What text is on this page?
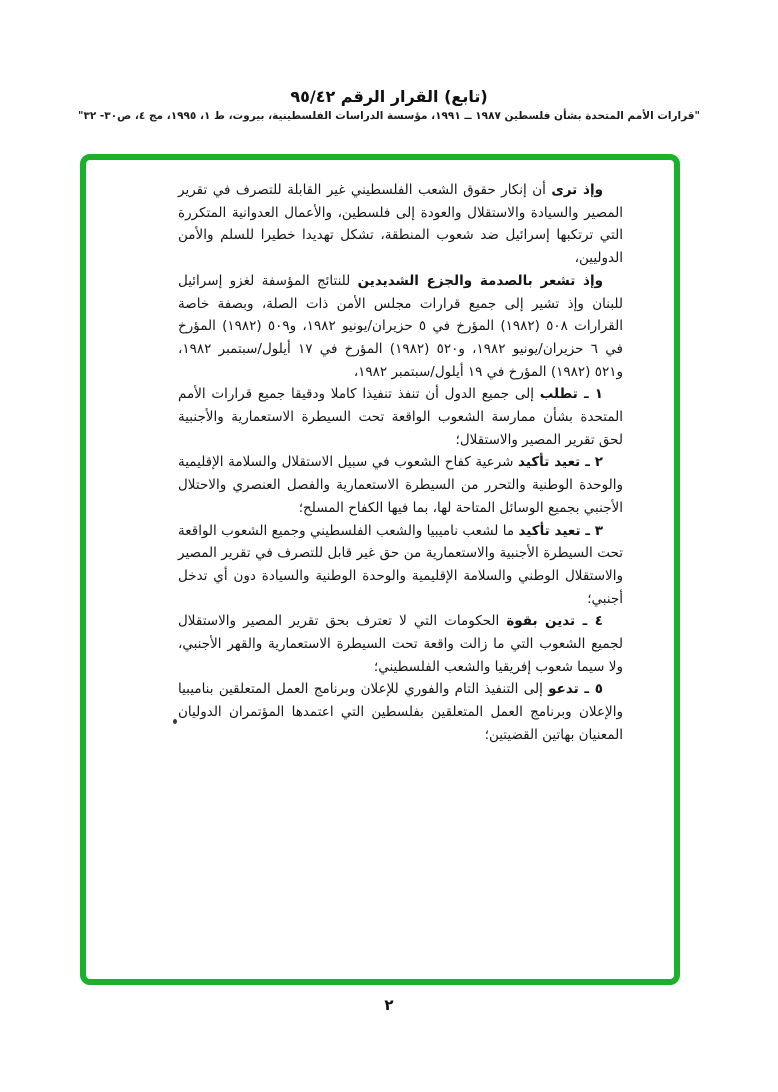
(تابع) القرار الرقم ٩٥/٤٢
"قرارات الأمم المتحدة بشأن فلسطين ١٩٨٧ ــ ١٩٩١، مؤسسة الدراسات الفلسطينية، بيروت، ط ١، ١٩٩٥، مج ٤، ص٣٠- ٣٢"

وإذ ترى أن إنكار حقوق الشعب الفلسطيني غير القابلة للتصرف في تقرير المصير والسيادة والاستقلال والعودة إلى فلسطين، والأعمال العدوانية المتكررة التي ترتكبها إسرائيل ضد شعوب المنطقة، تشكل تهديدا خطيرا للسلم والأمن الدوليين،

وإذ تشعر بالصدمة والجزع الشديدين للنتائج المؤسفة لغزو إسرائيل للبنان وإذ تشير إلى جميع قرارات مجلس الأمن ذات الصلة، وبصفة خاصة القرارات ٥٠٨ (١٩٨٢) المؤرخ في ٥ حزيران/يونيو ١٩٨٢، و٥٠٩ (١٩٨٢) المؤرخ في ٦ حزيران/يونيو ١٩٨٢، و٥٢٠ (١٩٨٢) المؤرخ في ١٧ أيلول/سبتمبر ١٩٨٢، و٥٢١ (١٩٨٢) المؤرخ في ١٩ أيلول/سبتمبر ١٩٨٢،

١ ـ تطلب إلى جميع الدول أن تنفذ تنفيذا كاملا ودقيقا جميع قرارات الأمم المتحدة بشأن ممارسة الشعوب الواقعة تحت السيطرة الاستعمارية والأجنبية لحق تقرير المصير والاستقلال؛

٢ ـ تعيد تأكيد شرعية كفاح الشعوب في سبيل الاستقلال والسلامة الإقليمية والوحدة الوطنية والتحرر من السيطرة الاستعمارية والفصل العنصري والاحتلال الأجنبي بجميع الوسائل المتاحة لها، بما فيها الكفاح المسلح؛

٣ ـ تعيد تأكيد ما لشعب ناميبيا والشعب الفلسطيني وجميع الشعوب الواقعة تحت السيطرة الأجنبية والاستعمارية من حق غير قابل للتصرف في تقرير المصير والاستقلال الوطني والسلامة الإقليمية والوحدة الوطنية والسيادة دون أي تدخل أجنبي؛

٤ ـ تدين بقوة الحكومات التي لا تعترف بحق تقرير المصير والاستقلال لجميع الشعوب التي ما زالت واقعة تحت السيطرة الاستعمارية والقهر الأجنبي، ولا سيما شعوب إفريقيا والشعب الفلسطيني؛

٥ ـ تدعو إلى التنفيذ التام والفوري للإعلان وبرنامج العمل المتعلقين بناميبيا والإعلان وبرنامج العمل المتعلقين بفلسطين التي اعتمدها المؤتمران الدوليان المعنيان بهاتين القضيتين؛

٢
